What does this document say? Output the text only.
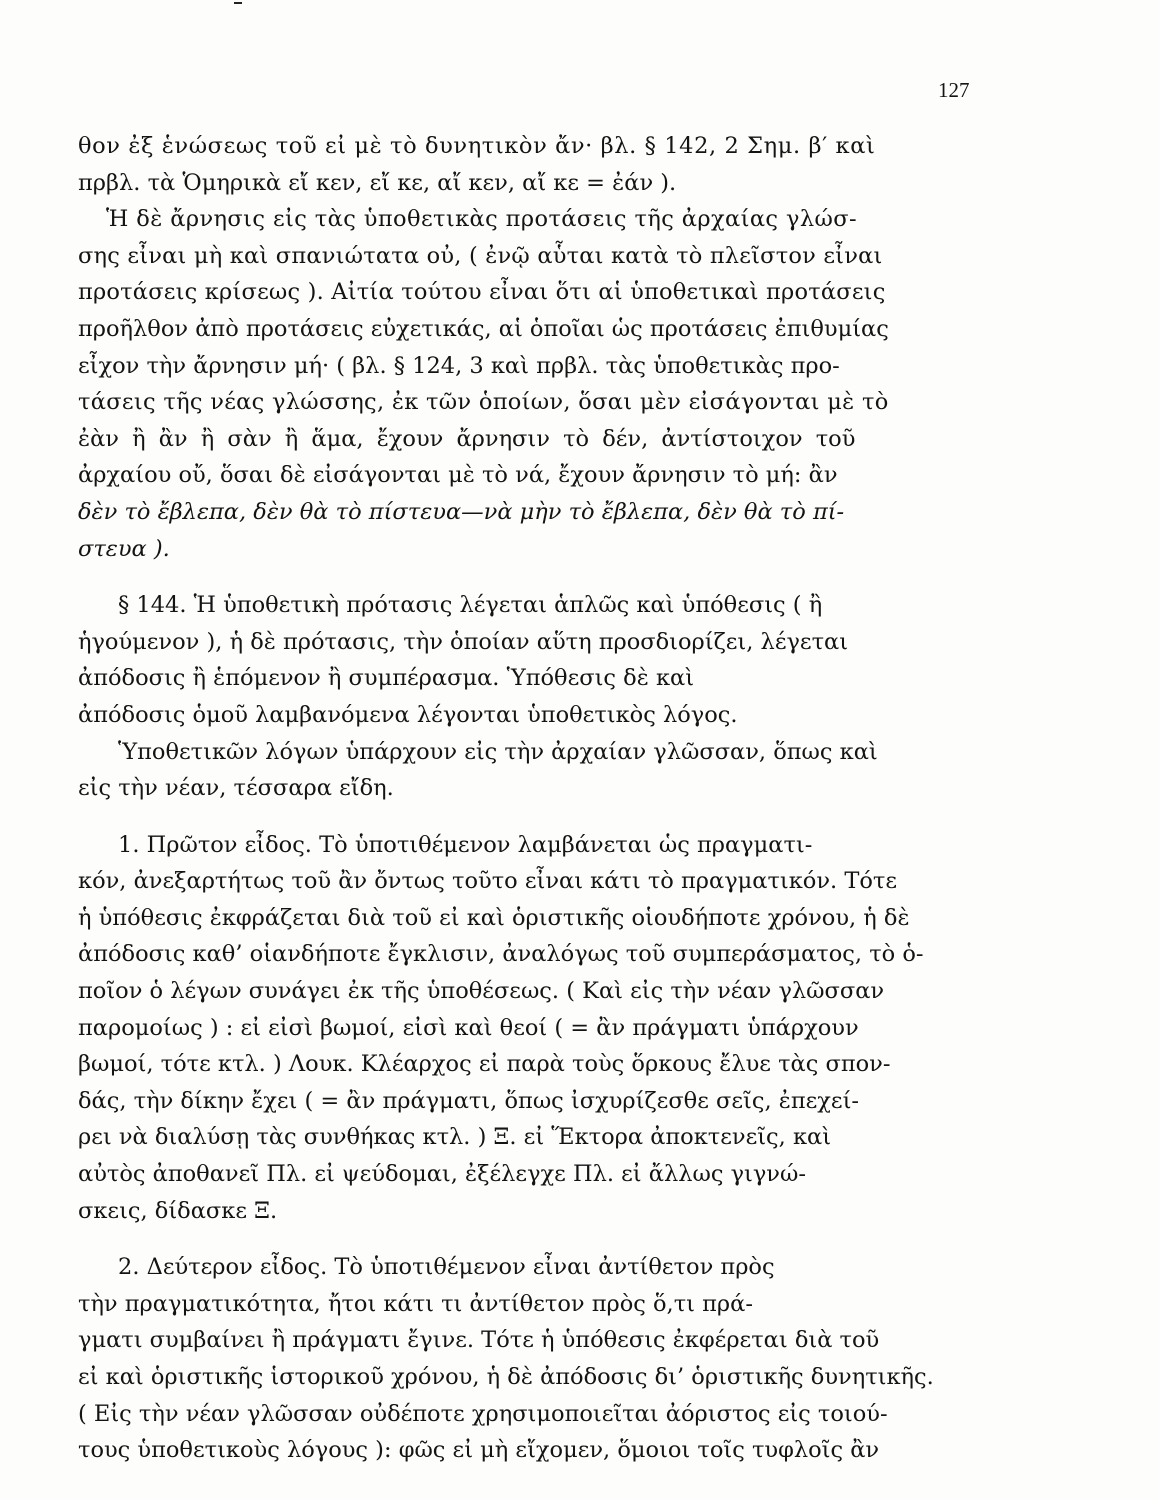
127
θον ἐξ ἑνώσεως τοῦ εἰ μὲ τὸ δυνητικὸν ἄν· βλ. § 142, 2 Σημ. β′ καὶ
πρβλ. τὰ Ὁμηρικὰ εἴ κεν, εἴ κε, αἴ κεν, αἴ κε = ἐάν ).
Ἡ δὲ ἄρνησις εἰς τὰς ὑποθετικὰς προτάσεις τῆς ἀρχαίας γλώσ-
σης εἶναι μὴ καὶ σπανιώτατα οὐ, ( ἐνῷ αὗται κατὰ τὸ πλεῖστον εἶναι
προτάσεις κρίσεως ). Αἰτία τούτου εἶναι ὅτι αἱ ὑποθετικαὶ προτάσεις
προῆλθον ἀπὸ προτάσεις εὐχετικάς, αἱ ὁποῖαι ὡς προτάσεις ἐπιθυμίας
εἶχον τὴν ἄρνησιν μή· ( βλ. § 124, 3 καὶ πρβλ. τὰς ὑποθετικὰς προ-
τάσεις τῆς νέας γλώσσης, ἐκ τῶν ὁποίων, ὅσαι μὲν εἰσάγονται μὲ τὸ
ἐὰν ἢ ἂν ἢ σὰν ἢ ἅμα, ἔχουν ἄρνησιν τὸ δέν, ἀντίστοιχον τοῦ
ἀρχαίου οὔ, ὅσαι δὲ εἰσάγονται μὲ τὸ νά, ἔχουν ἄρνησιν τὸ μή: ἂν
δὲν τὸ ἔβλεπα, δὲν θὰ τὸ πίστευα—νὰ μὴν τὸ ἔβλεπα, δὲν θὰ τὸ πί-
στευα ).
§ 144. Ἡ ὑποθετικὴ πρότασις λέγεται ἁπλῶς καὶ ὑπόθεσις ( ἢ
ἡγούμενον ), ἡ δὲ πρότασις, τὴν ὁποίαν αὕτη προσδιορίζει, λέγεται
ἀπόδοσις ἢ ἑπόμενον ἢ συμπέρασμα. Ὑπόθεσις δὲ καὶ
ἀπόδοσις ὁμοῦ λαμβανόμενα λέγονται ὑποθετικὸς λόγος.
Ὑποθετικῶν λόγων ὑπάρχουν εἰς τὴν ἀρχαίαν γλῶσσαν, ὅπως καὶ
εἰς τὴν νέαν, τέσσαρα εἴδη.
1. Πρῶτον εἶδος. Τὸ ὑποτιθέμενον λαμβάνεται ὡς πραγματι-
κόν, ἀνεξαρτήτως τοῦ ἂν ὄντως τοῦτο εἶναι κάτι τὸ πραγματικόν. Τότε
ἡ ὑπόθεσις ἐκφράζεται διὰ τοῦ εἰ καὶ ὁριστικῆς οἱουδήποτε χρόνου, ἡ δὲ
ἀπόδοσις καθ’ οἱανδήποτε ἔγκλισιν, ἀναλόγως τοῦ συμπεράσματος, τὸ ὁ-
ποῖον ὁ λέγων συνάγει ἐκ τῆς ὑποθέσεως. ( Καὶ εἰς τὴν νέαν γλῶσσαν
παρομοίως ) : εἰ εἰσὶ βωμοί, εἰσὶ καὶ θεοί ( = ἂν πράγματι ὑπάρχουν
βωμοί, τότε κτλ. ) Λουκ. Κλέαρχος εἰ παρὰ τοὺς ὅρκους ἔλυε τὰς σπον-
δάς, τὴν δίκην ἔχει ( = ἂν πράγματι, ὅπως ἰσχυρίζεσθε σεῖς, ἐπεχεί-
ρει νὰ διαλύσῃ τὰς συνθήκας κτλ. ) Ξ. εἰ Ἕκτορα ἀποκτενεῖς, καὶ
αὐτὸς ἀποθανεῖ Πλ. εἰ ψεύδομαι, ἐξέλεγχε Πλ. εἰ ἄλλως γιγνώ-
σκεις, δίδασκε Ξ.
2. Δεύτερον εἶδος. Τὸ ὑποτιθέμενον εἶναι ἀντίθετον πρὸς
τὴν πραγματικότητα, ἤτοι κάτι τι ἀντίθετον πρὸς ὅ,τι πρά-
γματι συμβαίνει ἢ πράγματι ἔγινε. Τότε ἡ ὑπόθεσις ἐκφέρεται διὰ τοῦ
εἰ καὶ ὁριστικῆς ἱστορικοῦ χρόνου, ἡ δὲ ἀπόδοσις δι’ ὁριστικῆς δυνητικῆς.
( Εἰς τὴν νέαν γλῶσσαν οὐδέποτε χρησιμοποιεῖται ἀόριστος εἰς τοιού-
τους ὑποθετικοὺς λόγους ): φῶς εἰ μὴ εἴχομεν, ὅμοιοι τοῖς τυφλοῖς ἂν
